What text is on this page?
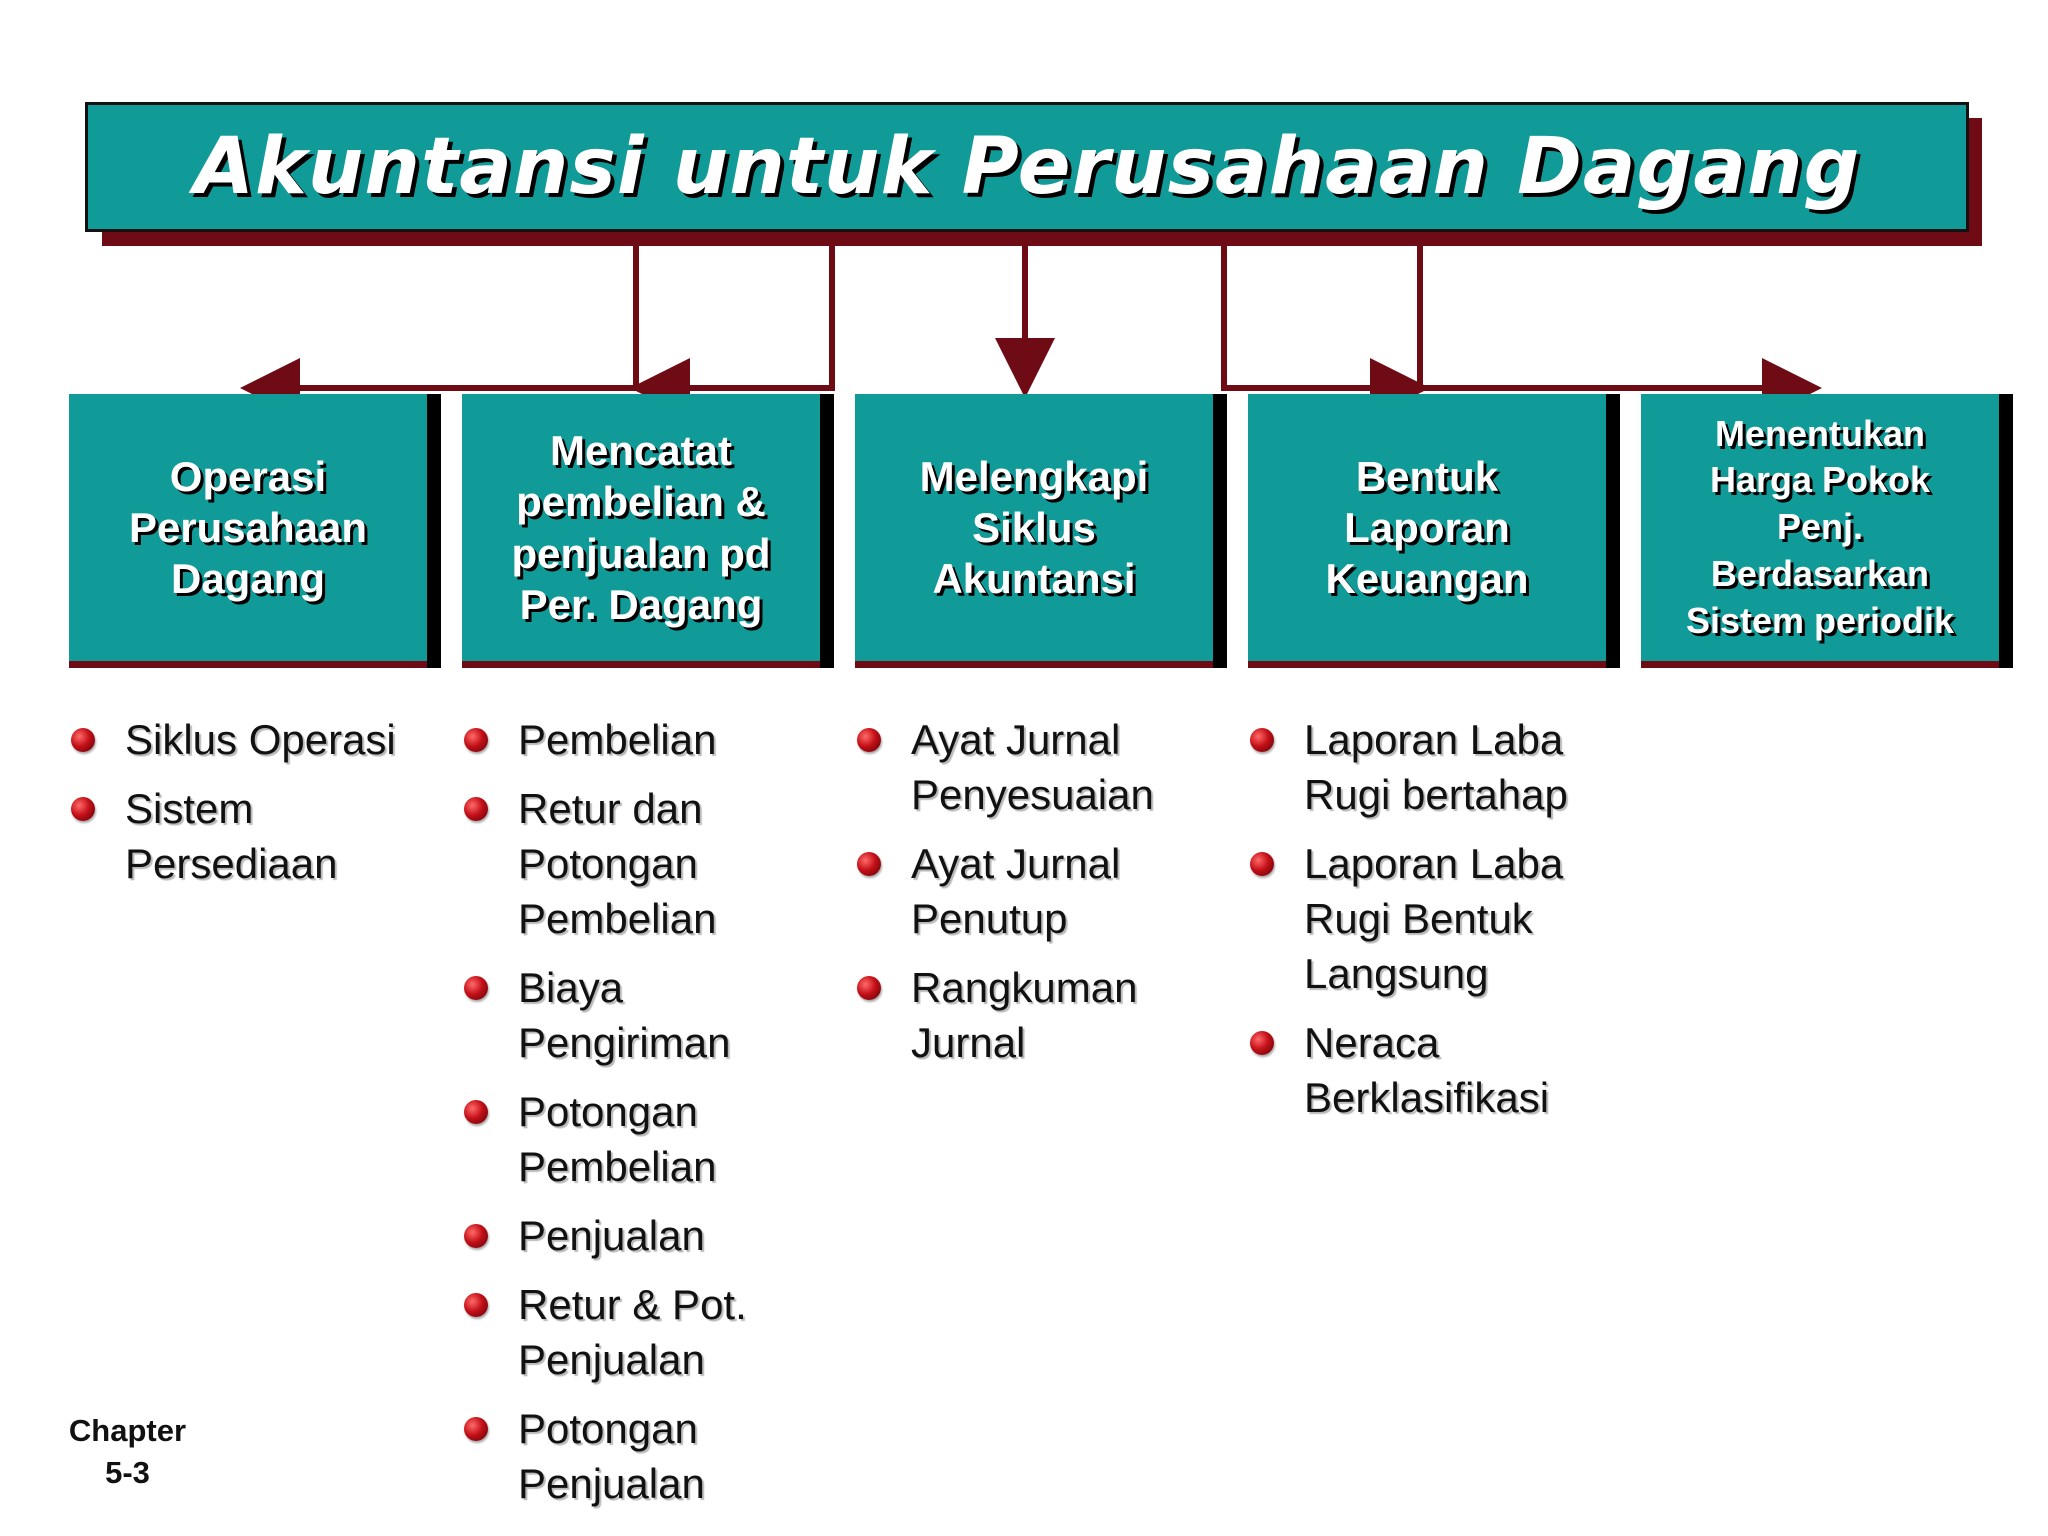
Akuntansi untuk Perusahaan Dagang
Operasi
Perusahaan
Dagang
Mencatat
pembelian &
penjualan pd
Per. Dagang
Melengkapi
Siklus
Akuntansi
Bentuk
Laporan
Keuangan
Menentukan
Harga Pokok
Penj.
Berdasarkan
Sistem periodik
Siklus Operasi
Sistem
Persediaan
Pembelian
Retur dan
Potongan
Pembelian
Biaya
Pengiriman
Potongan
Pembelian
Penjualan
Retur & Pot.
Penjualan
Potongan
Penjualan
Ayat Jurnal
Penyesuaian
Ayat Jurnal
Penutup
Rangkuman
Jurnal
Laporan Laba
Rugi bertahap
Laporan Laba
Rugi Bentuk
Langsung
Neraca
Berklasifikasi
Chapter
5-3
